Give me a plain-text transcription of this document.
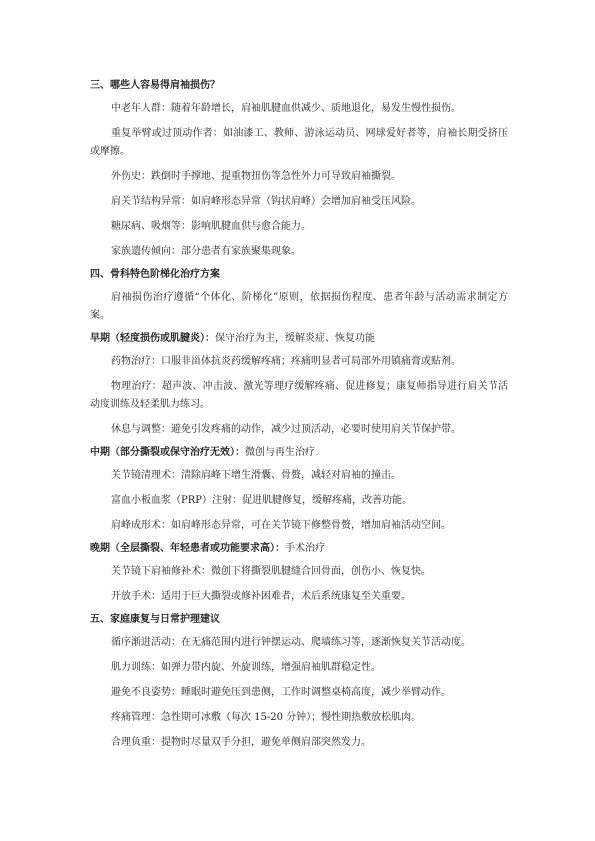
三、哪些人容易得肩袖损伤？
中老年人群：随着年龄增长，肩袖肌腱血供减少、质地退化，易发生慢性损伤。
重复举臂或过顶动作者：如油漆工、教师、游泳运动员、网球爱好者等，肩袖长期受挤压或摩擦。
外伤史：跌倒时手撑地、提重物扭伤等急性外力可导致肩袖撕裂。
肩关节结构异常：如肩峰形态异常（钩状肩峰）会增加肩袖受压风险。
糖尿病、吸烟等：影响肌腱血供与愈合能力。
家族遗传倾向：部分患者有家族聚集现象。
四、骨科特色阶梯化治疗方案
肩袖损伤治疗遵循“个体化、阶梯化”原则，依据损伤程度、患者年龄与活动需求制定方案。
早期（轻度损伤或肌腱炎）：保守治疗为主，缓解炎症、恢复功能
药物治疗：口服非甾体抗炎药缓解疼痛；疼痛明显者可局部外用镇痛膏或贴剂。
物理治疗：超声波、冲击波、激光等理疗缓解疼痛、促进修复；康复师指导进行肩关节活动度训练及轻柔肌力练习。
休息与调整：避免引发疼痛的动作，减少过顶活动，必要时使用肩关节保护带。
中期（部分撕裂或保守治疗无效）：微创与再生治疗
关节镜清理术：清除肩峰下增生滑囊、骨赘，减轻对肩袖的撞击。
富血小板血浆（PRP）注射：促进肌腱修复，缓解疼痛，改善功能。
肩峰成形术：如肩峰形态异常，可在关节镜下修整骨赘，增加肩袖活动空间。
晚期（全层撕裂、年轻患者或功能要求高）：手术治疗
关节镜下肩袖修补术：微创下将撕裂肌腱缝合回骨面，创伤小、恢复快。
开放手术：适用于巨大撕裂或修补困难者，术后系统康复至关重要。
五、家庭康复与日常护理建议
循序渐进活动：在无痛范围内进行钟摆运动、爬墙练习等，逐渐恢复关节活动度。
肌力训练：如弹力带内旋、外旋训练，增强肩袖肌群稳定性。
避免不良姿势：睡眠时避免压到患侧，工作时调整桌椅高度，减少举臂动作。
疼痛管理：急性期可冰敷（每次 15-20 分钟）；慢性期热敷放松肌肉。
合理负重：提物时尽量双手分担，避免单侧肩部突然发力。
